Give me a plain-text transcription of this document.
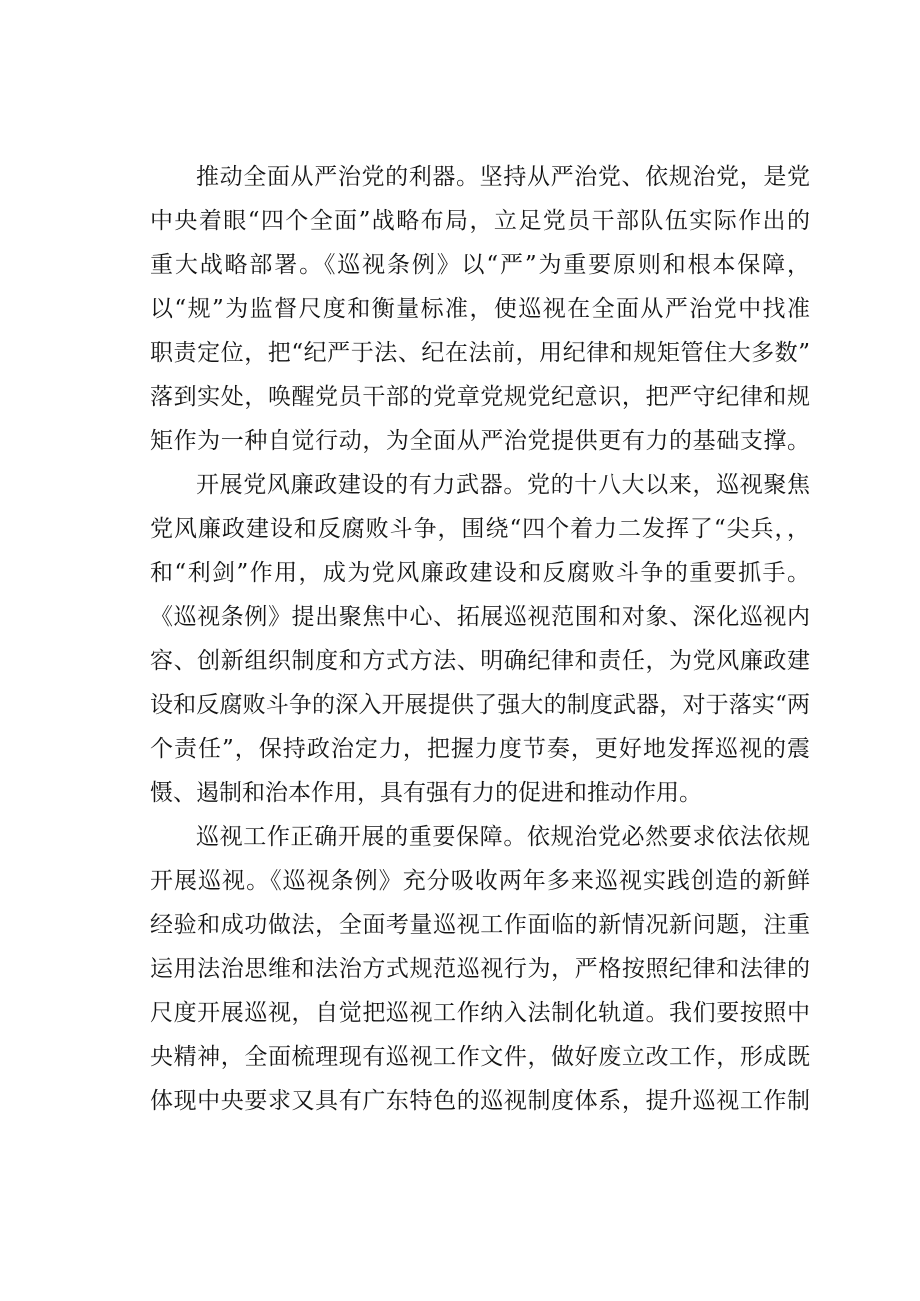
推动全面从严治党的利器。坚持从严治党、依规治党，是党

中央着眼“四个全面”战略布局，立足党员干部队伍实际作出的

重大战略部署。《巡视条例》以“严”为重要原则和根本保障，

以“规”为监督尺度和衡量标准，使巡视在全面从严治党中找准

职责定位，把“纪严于法、纪在法前，用纪律和规矩管住大多数”

落到实处，唤醒党员干部的党章党规党纪意识，把严守纪律和规

矩作为一种自觉行动，为全面从严治党提供更有力的基础支撑。

开展党风廉政建设的有力武器。党的十八大以来，巡视聚焦

党风廉政建设和反腐败斗争，围绕“四个着力二发挥了“尖兵，，

和“利剑”作用，成为党风廉政建设和反腐败斗争的重要抓手。

《巡视条例》提出聚焦中心、拓展巡视范围和对象、深化巡视内

容、创新组织制度和方式方法、明确纪律和责任，为党风廉政建

设和反腐败斗争的深入开展提供了强大的制度武器，对于落实“两

个责任”，保持政治定力，把握力度节奏，更好地发挥巡视的震

慑、遏制和治本作用，具有强有力的促进和推动作用。

巡视工作正确开展的重要保障。依规治党必然要求依法依规

开展巡视。《巡视条例》充分吸收两年多来巡视实践创造的新鲜

经验和成功做法，全面考量巡视工作面临的新情况新问题，注重

运用法治思维和法治方式规范巡视行为，严格按照纪律和法律的

尺度开展巡视，自觉把巡视工作纳入法制化轨道。我们要按照中

央精神，全面梳理现有巡视工作文件，做好废立改工作，形成既

体现中央要求又具有广东特色的巡视制度体系，提升巡视工作制
